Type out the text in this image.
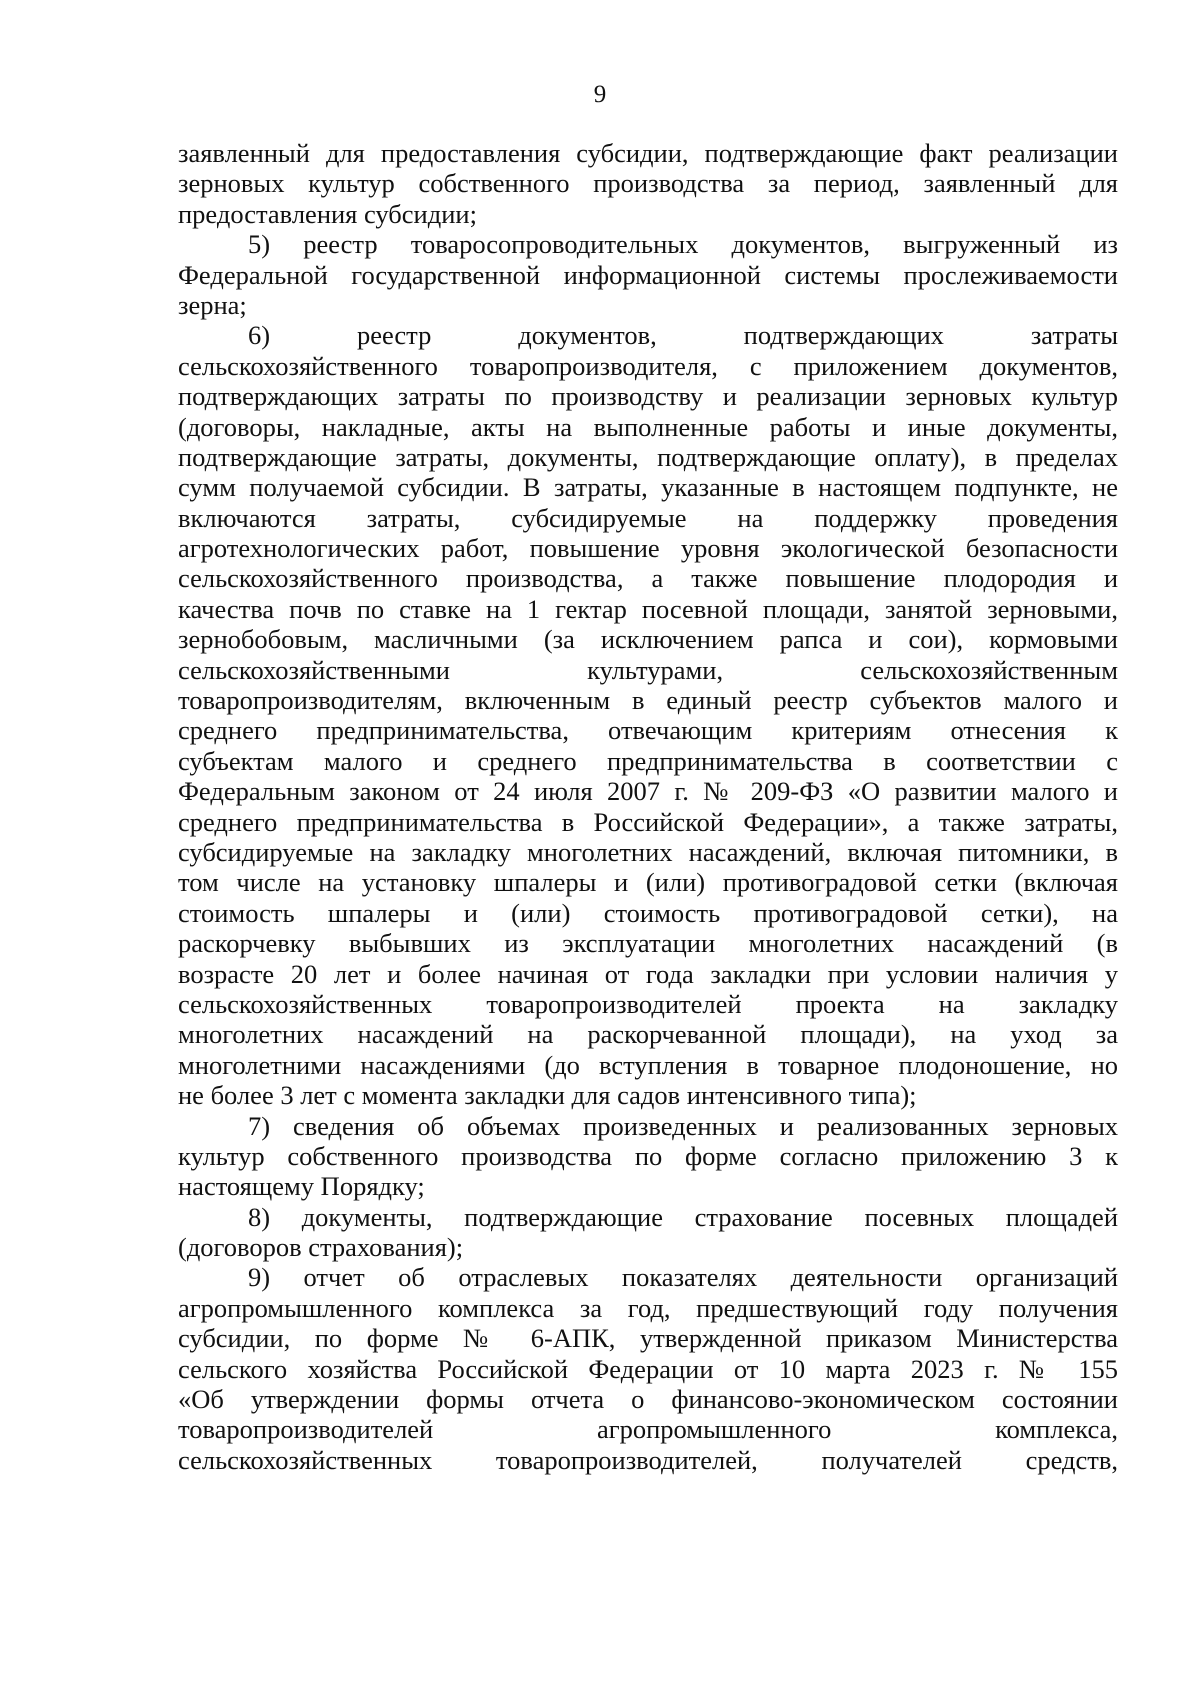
9
заявленный для предоставления субсидии, подтверждающие факт реализации
зерновых культур собственного производства за период, заявленный для
предоставления субсидии;
5) реестр товаросопроводительных документов, выгруженный из
Федеральной государственной информационной системы прослеживаемости
зерна;
6) реестр документов, подтверждающих затраты
сельскохозяйственного товаропроизводителя, с приложением документов,
подтверждающих затраты по производству и реализации зерновых культур
(договоры, накладные, акты на выполненные работы и иные документы,
подтверждающие затраты, документы, подтверждающие оплату), в пределах
сумм получаемой субсидии. В затраты, указанные в настоящем подпункте, не
включаются затраты, субсидируемые на поддержку проведения
агротехнологических работ, повышение уровня экологической безопасности
сельскохозяйственного производства, а также повышение плодородия и
качества почв по ставке на 1 гектар посевной площади, занятой зерновыми,
зернобобовым, масличными (за исключением рапса и сои), кормовыми
сельскохозяйственными культурами, сельскохозяйственным
товаропроизводителям, включенным в единый реестр субъектов малого и
среднего предпринимательства, отвечающим критериям отнесения к
субъектам малого и среднего предпринимательства в соответствии с
Федеральным законом от 24 июля 2007 г. № 209-ФЗ «О развитии малого и
среднего предпринимательства в Российской Федерации», а также затраты,
субсидируемые на закладку многолетних насаждений, включая питомники, в
том числе на установку шпалеры и (или) противоградовой сетки (включая
стоимость шпалеры и (или) стоимость противоградовой сетки), на
раскорчевку выбывших из эксплуатации многолетних насаждений (в
возрасте 20 лет и более начиная от года закладки при условии наличия у
сельскохозяйственных товаропроизводителей проекта на закладку
многолетних насаждений на раскорчеванной площади), на уход за
многолетними насаждениями (до вступления в товарное плодоношение, но
не более 3 лет с момента закладки для садов интенсивного типа);
7) сведения об объемах произведенных и реализованных зерновых
культур собственного производства по форме согласно приложению 3 к
настоящему Порядку;
8) документы, подтверждающие страхование посевных площадей
(договоров страхования);
9) отчет об отраслевых показателях деятельности организаций
агропромышленного комплекса за год, предшествующий году получения
субсидии, по форме № 6-АПК, утвержденной приказом Министерства
сельского хозяйства Российской Федерации от 10 марта 2023 г. № 155
«Об утверждении формы отчета о финансово-экономическом состоянии
товаропроизводителей агропромышленного комплекса,
сельскохозяйственных товаропроизводителей, получателей средств,
